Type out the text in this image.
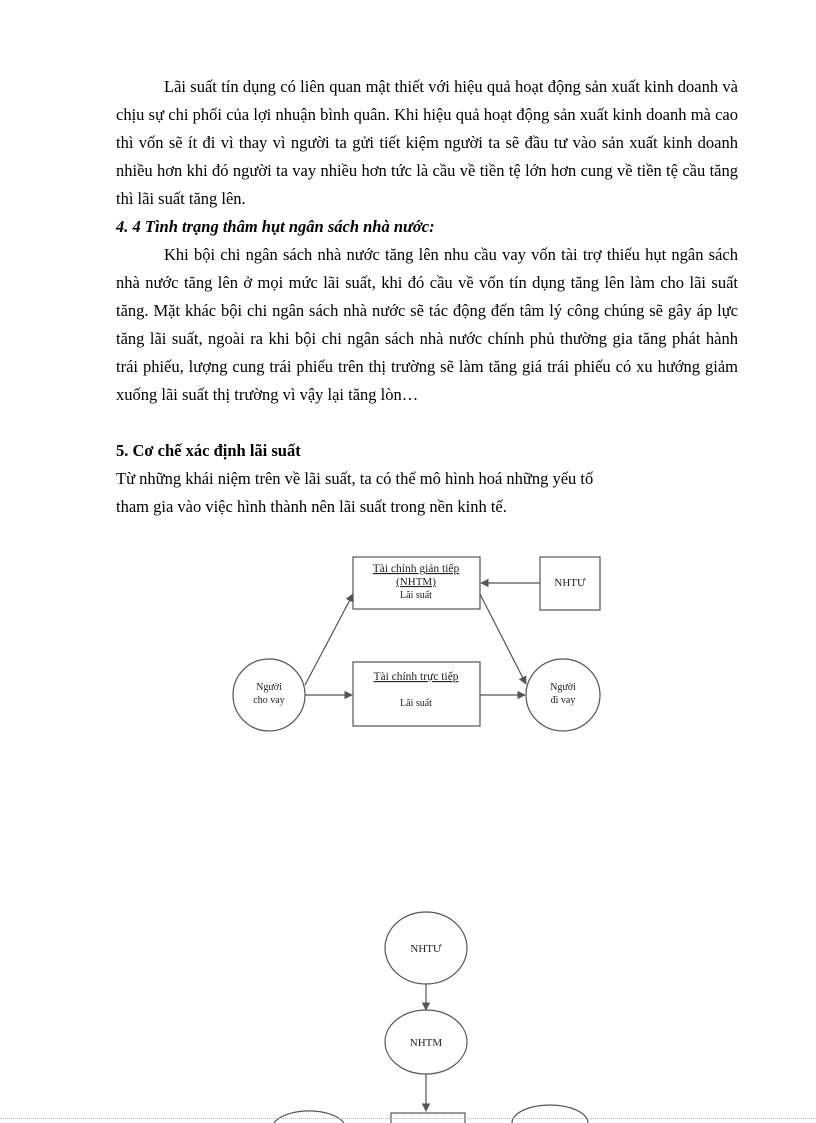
Lãi suất tín dụng có liên quan mật thiết với hiệu quả hoạt động sản xuất kinh doanh và chịu sự chi phối của lợi nhuận bình quân. Khi hiệu quả hoạt động sản xuất kinh doanh mà cao thì vốn sẽ ít đi vì thay vì người ta gửi tiết kiệm người ta sẽ đầu tư vào sản xuất kinh doanh nhiều hơn khi đó người ta vay nhiều hơn tức là cầu về tiền tệ lớn hơn cung về tiền tệ cầu tăng thì lãi suất tăng lên.
4. 4 Tình trạng thâm hụt ngân sách nhà nước:
Khi bội chi ngân sách nhà nước tăng lên nhu cầu vay vốn tài trợ thiếu hụt ngân sách nhà nước tăng lên ở mọi mức lãi suất, khi đó cầu về vốn tín dụng tăng lên làm cho lãi suất tăng. Mặt khác bội chi ngân sách nhà nước sẽ tác động đến tâm lý công chúng sẽ gây áp lực tăng lãi suất, ngoài ra khi bội chi ngân sách nhà nước chính phủ thường gia tăng phát hành trái phiếu, lượng cung trái phiếu trên thị trường sẽ làm tăng giá trái phiếu có xu hướng giảm xuống lãi suất thị trường vì vậy lại tăng lòn…
5. Cơ chế xác định lãi suất
Từ những khái niệm trên về lãi suất, ta có thể mô hình hoá những yếu tố
tham gia vào việc hình thành nên lãi suất trong nền kinh tế.
Tài chính gián tiếp
(NHTM)
Lãi suất
NHTƯ
Tài chính trực tiếp
Lãi suất
Người
cho vay
Người
đi vay
NHTƯ
NHTM
